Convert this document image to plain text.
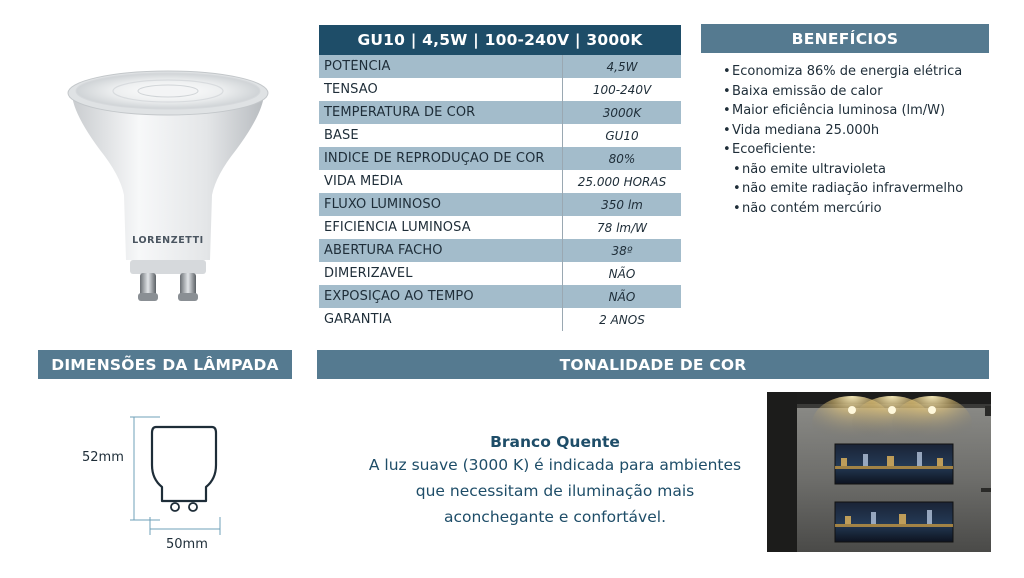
LORENZETTI
GU10 | 4,5W | 100-240V | 3000K
POTÊNCIA	4,5W
TENSÃO	100-240V
TEMPERATURA DE COR	3000K
BASE	GU10
INDÍCE DE REPRODUÇÃO DE COR	80%
VIDA MÉDIA	25.000 HORAS
FLUXO LUMINOSO	350 lm
EFICIÊNCIA LUMINOSA	78 lm/W
ABERTURA FACHO	38º
DIMERIZÁVEL	NÃO
EXPOSIÇÃO AO TEMPO	NÃO
GARANTIA	2 ANOS
BENEFÍCIOS
•Economiza 86% de energia elétrica
•Baixa emissão de calor
•Maior eficiência luminosa (lm/W)
•Vida mediana 25.000h
•Ecoeficiente:
•não emite ultravioleta
•não emite radiação infravermelho
•não contém mercúrio
DIMENSÕES DA LÂMPADA	TONALIDADE DE COR
52mm
50mm
Branco Quente
A luz suave (3000 K) é indicada para ambientes
que necessitam de iluminação mais
aconchegante e confortável.
